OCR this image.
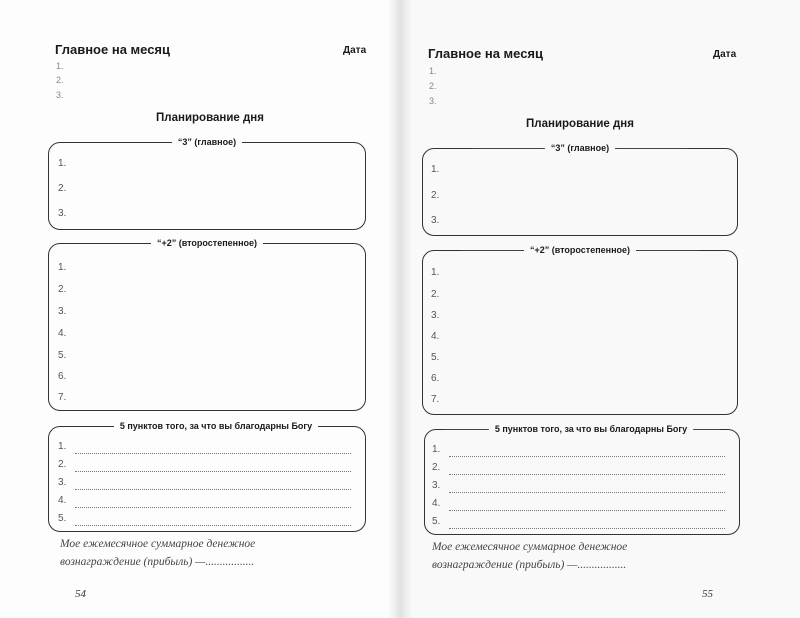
Главное на месяц	Дата
1.
2.
3.
Планирование дня
———————— “3” (главное) ————————
1.
2.
3.
——————— “+2” (второстепенное) ———————
1.
2.
3.
4.
5.
6.
7.
————— 5 пунктов того, за что вы благодарны Богу ———
1.
2.
3.
4.
5.
Мое ежемесячное суммарное денежное
вознаграждение (прибыль) —.................
54
Главное на месяц	Дата
1.
2.
3.
Планирование дня
———————— “3” (главное) ————————
1.
2.
3.
——————— “+2” (второстепенное) ———————
1.
2.
3.
4.
5.
6.
7.
————— 5 пунктов того, за что вы благодарны Богу ———
1.
2.
3.
4.
5.
Мое ежемесячное суммарное денежное
вознаграждение (прибыль) —.................
55
